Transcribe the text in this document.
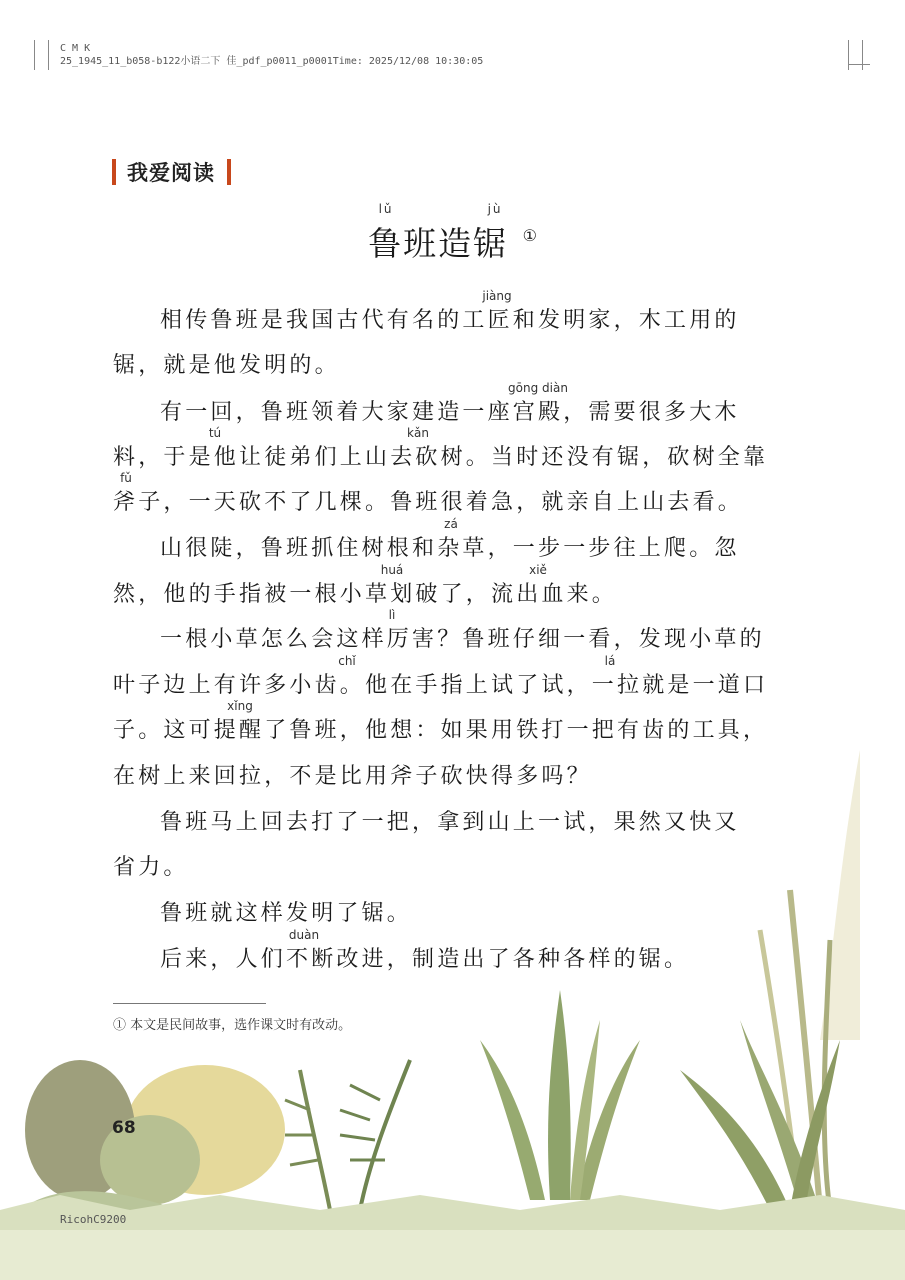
C M K
25_1945_11_b058-b122小语二下 佳_pdf_p0011_p0001Time: 2025/12/08 10:30:05
我爱阅读
lǔ	jù
鲁班造锯 ①
相传鲁班是我国古代有名的工匠和发明家，木工用的
锯，就是他发明的。
有一回，鲁班领着大家建造一座宫殿，需要很多大木
料，于是他让徒弟们上山去砍树。当时还没有锯，砍树全靠
斧子，一天砍不了几棵。鲁班很着急，就亲自上山去看。
山很陡，鲁班抓住树根和杂草，一步一步往上爬。忽
然，他的手指被一根小草划破了，流出血来。
一根小草怎么会这样厉害？鲁班仔细一看，发现小草的
叶子边上有许多小齿。他在手指上试了试，一拉就是一道口
子。这可提醒了鲁班，他想：如果用铁打一把有齿的工具，
在树上来回拉，不是比用斧子砍快得多吗？
鲁班马上回去打了一把，拿到山上一试，果然又快又
省力。
鲁班就这样发明了锯。
后来，人们不断改进，制造出了各种各样的锯。
jiàng
gōng diàn
tú	kǎn
fǔ
zá
huá	xiě
lì
chǐ	lá
xǐng
duàn
① 本文是民间故事，选作课文时有改动。
68
RicohC9200
